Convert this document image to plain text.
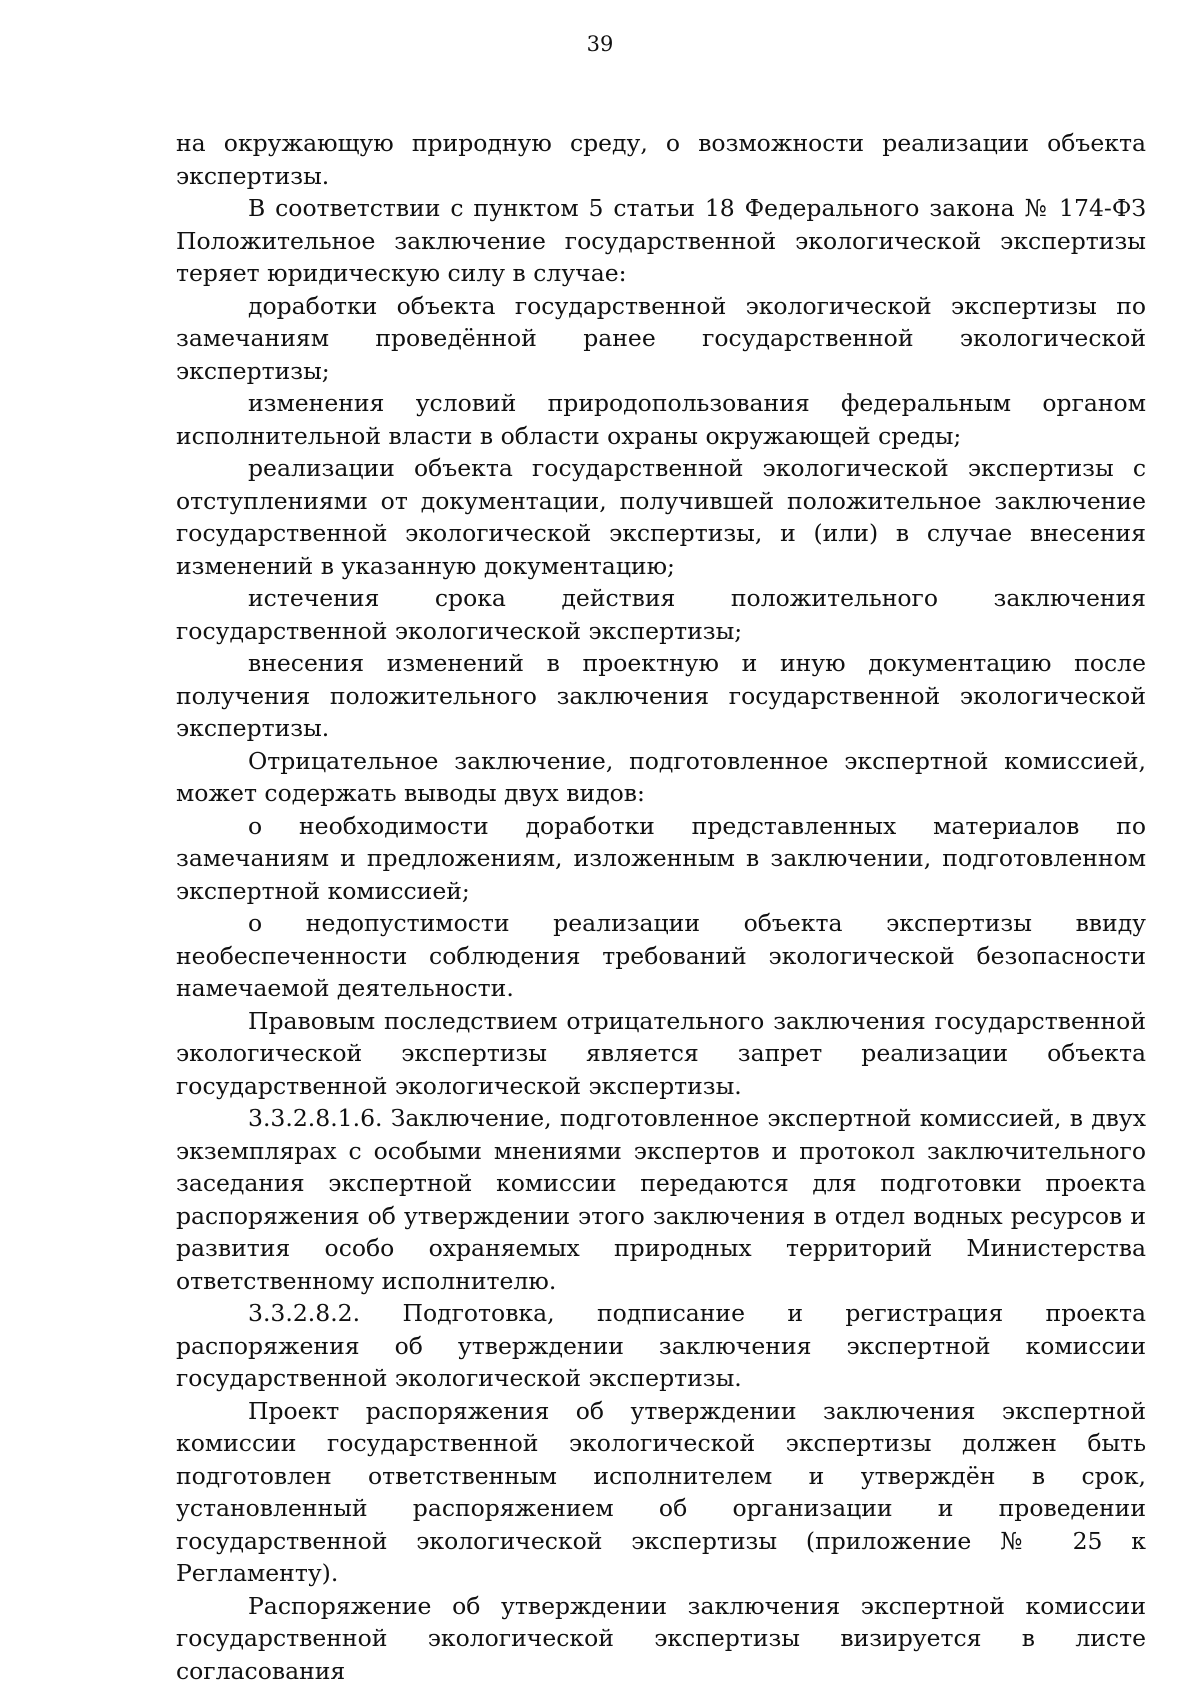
39

на окружающую природную среду, о возможности реализации объекта экспертизы.

В соответствии с пунктом 5 статьи 18 Федерального закона № 174-ФЗ Положительное заключение государственной экологической экспертизы теряет юридическую силу в случае:

доработки объекта государственной экологической экспертизы по замечаниям проведённой ранее государственной экологической экспертизы;

изменения условий природопользования федеральным органом исполнительной власти в области охраны окружающей среды;

реализации объекта государственной экологической экспертизы с отступлениями от документации, получившей положительное заключение государственной экологической экспертизы, и (или) в случае внесения изменений в указанную документацию;

истечения срока действия положительного заключения государственной экологической экспертизы;

внесения изменений в проектную и иную документацию после получения положительного заключения государственной экологической экспертизы.

Отрицательное заключение, подготовленное экспертной комиссией, может содержать выводы двух видов:

о необходимости доработки представленных материалов по замечаниям и предложениям, изложенным в заключении, подготовленном экспертной комиссией;

о недопустимости реализации объекта экспертизы ввиду необеспеченности соблюдения требований экологической безопасности намечаемой деятельности.

Правовым последствием отрицательного заключения государственной экологической экспертизы является запрет реализации объекта государственной экологической экспертизы.

3.3.2.8.1.6. Заключение, подготовленное экспертной комиссией, в двух экземплярах с особыми мнениями экспертов и протокол заключительного заседания экспертной комиссии передаются для подготовки проекта распоряжения об утверждении этого заключения в отдел водных ресурсов и развития особо охраняемых природных территорий Министерства ответственному исполнителю.

3.3.2.8.2. Подготовка, подписание и регистрация проекта распоряжения об утверждении заключения экспертной комиссии государственной экологической экспертизы.

Проект распоряжения об утверждении заключения экспертной комиссии государственной экологической экспертизы должен быть подготовлен ответственным исполнителем и утверждён в срок, установленный распоряжением об организации и проведении государственной экологической экспертизы (приложение № 25 к Регламенту).

Распоряжение об утверждении заключения экспертной комиссии государственной экологической экспертизы визируется в листе согласования
